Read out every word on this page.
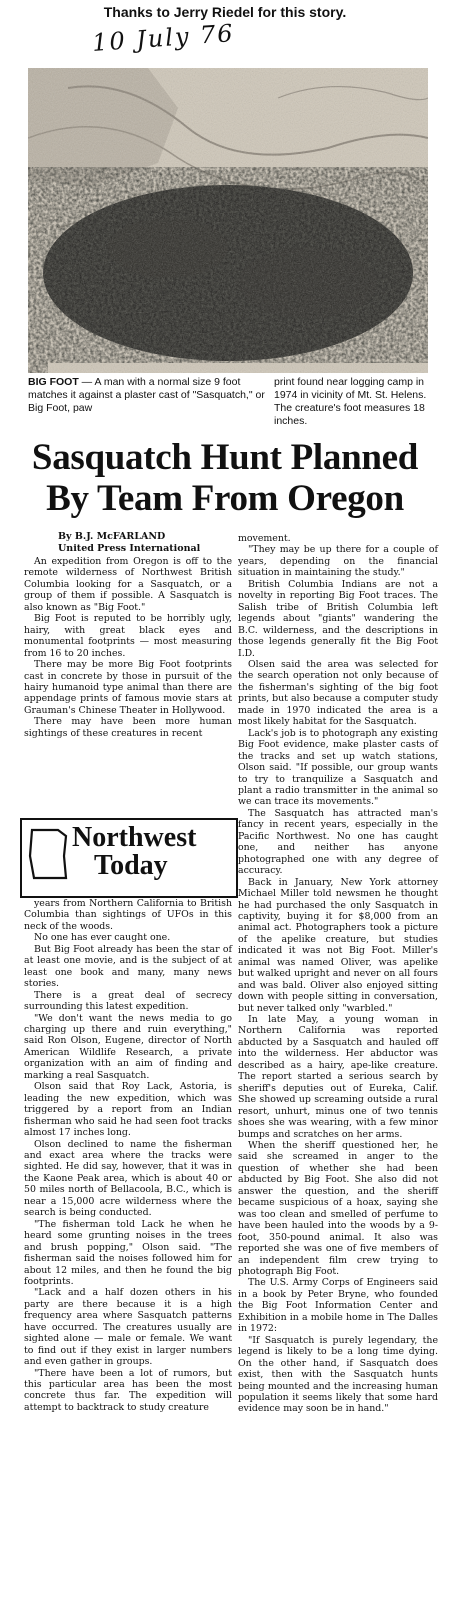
Thanks to Jerry Riedel for this story.
10 July 76
BIG FOOT — A man with a normal size 9 foot matches it against a plaster cast of "Sasquatch," or Big Foot, paw
print found near logging camp in 1974 in vicinity of Mt. St. Helens. The creature's foot measures 18 inches.
Sasquatch Hunt Planned
By Team From Oregon
By B.J. McFARLAND
United Press International

An expedition from Oregon is off to the remote wilderness of Northwest British Columbia looking for a Sasquatch, or a group of them if possible. A Sasquatch is also known as "Big Foot."

Big Foot is reputed to be horribly ugly, hairy, with great black eyes and monumental footprints — most measuring from 16 to 20 inches.

There may be more Big Foot footprints cast in concrete by those in pursuit of the hairy humanoid type animal than there are appendage prints of famous movie stars at Grauman's Chinese Theater in Hollywood.

There may have been more human sightings of these creatures in recent

Northwest
Today

years from Northern California to British Columbia than sightings of UFOs in this neck of the woods.

No one has ever caught one.

But Big Foot already has been the star of at least one movie, and is the subject of at least one book and many, many news stories.

There is a great deal of secrecy surrounding this latest expedition.

"We don't want the news media to go charging up there and ruin everything," said Ron Olson, Eugene, director of North American Wildlife Research, a private organization with an aim of finding and marking a real Sasquatch.

Olson said that Roy Lack, Astoria, is leading the new expedition, which was triggered by a report from an Indian fisherman who said he had seen foot tracks almost 17 inches long.

Olson declined to name the fisherman and exact area where the tracks were sighted. He did say, however, that it was in the Kaone Peak area, which is about 40 or 50 miles north of Bellacoola, B.C., which is near a 15,000 acre wilderness where the search is being conducted.

"The fisherman told Lack he when he heard some grunting noises in the trees and brush popping," Olson said. "The fisherman said the noises followed him for about 12 miles, and then he found the big footprints.

"Lack and a half dozen others in his party are there because it is a high frequency area where Sasquatch patterns have occurred. The creatures usually are sighted alone — male or female. We want to find out if they exist in larger numbers and even gather in groups.

"There have been a lot of rumors, but this particular area has been the most concrete thus far. The expedition will attempt to backtrack to study creature

movement.

"They may be up there for a couple of years, depending on the financial situation in maintaining the study."

British Columbia Indians are not a novelty in reporting Big Foot traces. The Salish tribe of British Columbia left legends about "giants" wandering the B.C. wilderness, and the descriptions in those legends generally fit the Big Foot I.D.

Olsen said the area was selected for the search operation not only because of the fisherman's sighting of the big foot prints, but also because a computer study made in 1970 indicated the area is a most likely habitat for the Sasquatch.

Lack's job is to photograph any existing Big Foot evidence, make plaster casts of the tracks and set up watch stations, Olson said. "If possible, our group wants to try to tranquilize a Sasquatch and plant a radio transmitter in the animal so we can trace its movements."

The Sasquatch has attracted man's fancy in recent years, especially in the Pacific Northwest. No one has caught one, and neither has anyone photographed one with any degree of accuracy.

Back in January, New York attorney Michael Miller told newsmen he thought he had purchased the only Sasquatch in captivity, buying it for $8,000 from an animal act. Photographers took a picture of the apelike creature, but studies indicated it was not Big Foot. Miller's animal was named Oliver, was apelike but walked upright and never on all fours and was bald. Oliver also enjoyed sitting down with people sitting in conversation, but never talked only "warbled."

In late May, a young woman in Northern California was reported abducted by a Sasquatch and hauled off into the wilderness. Her abductor was described as a hairy, ape-like creature. The report started a serious search by sheriff's deputies out of Eureka, Calif. She showed up screaming outside a rural resort, unhurt, minus one of two tennis shoes she was wearing, with a few minor bumps and scratches on her arms.

When the sheriff questioned her, he said she screamed in anger to the question of whether she had been abducted by Big Foot. She also did not answer the question, and the sheriff became suspicious of a hoax, saying she was too clean and smelled of perfume to have been hauled into the woods by a 9-foot, 350-pound animal. It also was reported she was one of five members of an independent film crew trying to photograph Big Foot.

The U.S. Army Corps of Engineers said in a book by Peter Bryne, who founded the Big Foot Information Center and Exhibition in a mobile home in The Dalles in 1972:

"If Sasquatch is purely legendary, the legend is likely to be a long time dying. On the other hand, if Sasquatch does exist, then with the Sasquatch hunts being mounted and the increasing human population it seems likely that some hard evidence may soon be in hand."
